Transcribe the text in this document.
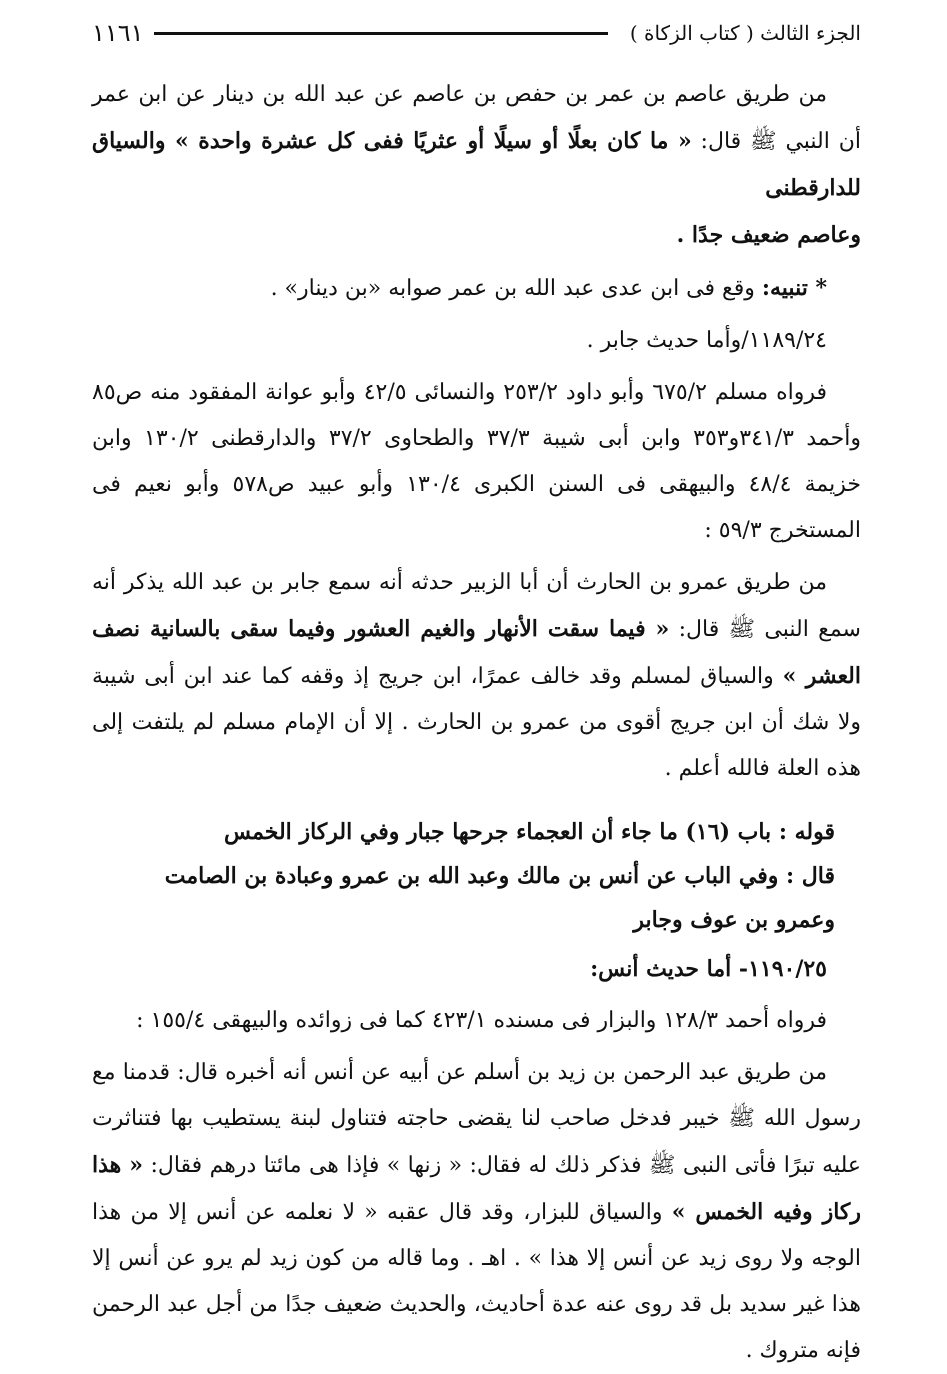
الجزء الثالث ( كتاب الزكاة )
١١٦١

من طريق عاصم بن عمر بن حفص بن عاصم عن عبد الله بن دينار عن ابن عمر أن النبي ﷺ قال: « ما كان بعلًا أو سيلًا أو عثريًا ففى كل عشرة واحدة » والسياق للدارقطنى
وعاصم ضعيف جدًا .

* تنبيه: وقع فى ابن عدى عبد الله بن عمر صوابه «بن دينار» .

١١٨٩/٢٤/وأما حديث جابر .

فرواه مسلم ٦٧٥/٢ وأبو داود ٢٥٣/٢ والنسائى ٤٢/٥ وأبو عوانة المفقود منه ص٨٥ وأحمد ٣٤١/٣و٣٥٣ وابن أبى شيبة ٣٧/٣ والطحاوى ٣٧/٢ والدارقطنى ١٣٠/٢ وابن خزيمة ٤٨/٤ والبيهقى فى السنن الكبرى ١٣٠/٤ وأبو عبيد ص٥٧٨ وأبو نعيم فى المستخرج ٥٩/٣ :

من طريق عمرو بن الحارث أن أبا الزبير حدثه أنه سمع جابر بن عبد الله يذكر أنه سمع النبى ﷺ قال: « فيما سقت الأنهار والغيم العشور وفيما سقى بالسانية نصف العشر » والسياق لمسلم وقد خالف عمرًا، ابن جريج إذ وقفه كما عند ابن أبى شيبة ولا شك أن ابن جريج أقوى من عمرو بن الحارث . إلا أن الإمام مسلم لم يلتفت إلى هذه العلة فالله أعلم .

قوله : باب (١٦) ما جاء أن العجماء جرحها جبار وفي الركاز الخمس

قال : وفي الباب عن أنس بن مالك وعبد الله بن عمرو وعبادة بن الصامت

وعمرو بن عوف وجابر

١١٩٠/٢٥- أما حديث أنس:

فرواه أحمد ١٢٨/٣ والبزار فى مسنده ٤٢٣/١ كما فى زوائده والبيهقى ١٥٥/٤ :

من طريق عبد الرحمن بن زيد بن أسلم عن أبيه عن أنس أنه أخبره قال: قدمنا مع رسول الله ﷺ خيبر فدخل صاحب لنا يقضى حاجته فتناول لبنة يستطيب بها فتناثرت عليه تبرًا فأتى النبى ﷺ فذكر ذلك له فقال: « زنها » فإذا هى مائتا درهم فقال: « هذا ركاز وفيه الخمس » والسياق للبزار، وقد قال عقبه « لا نعلمه عن أنس إلا من هذا الوجه ولا روى زيد عن أنس إلا هذا » . اهـ . وما قاله من كون زيد لم يرو عن أنس إلا هذا غير سديد بل قد روى عنه عدة أحاديث، والحديث ضعيف جدًا من أجل عبد الرحمن فإنه متروك .
